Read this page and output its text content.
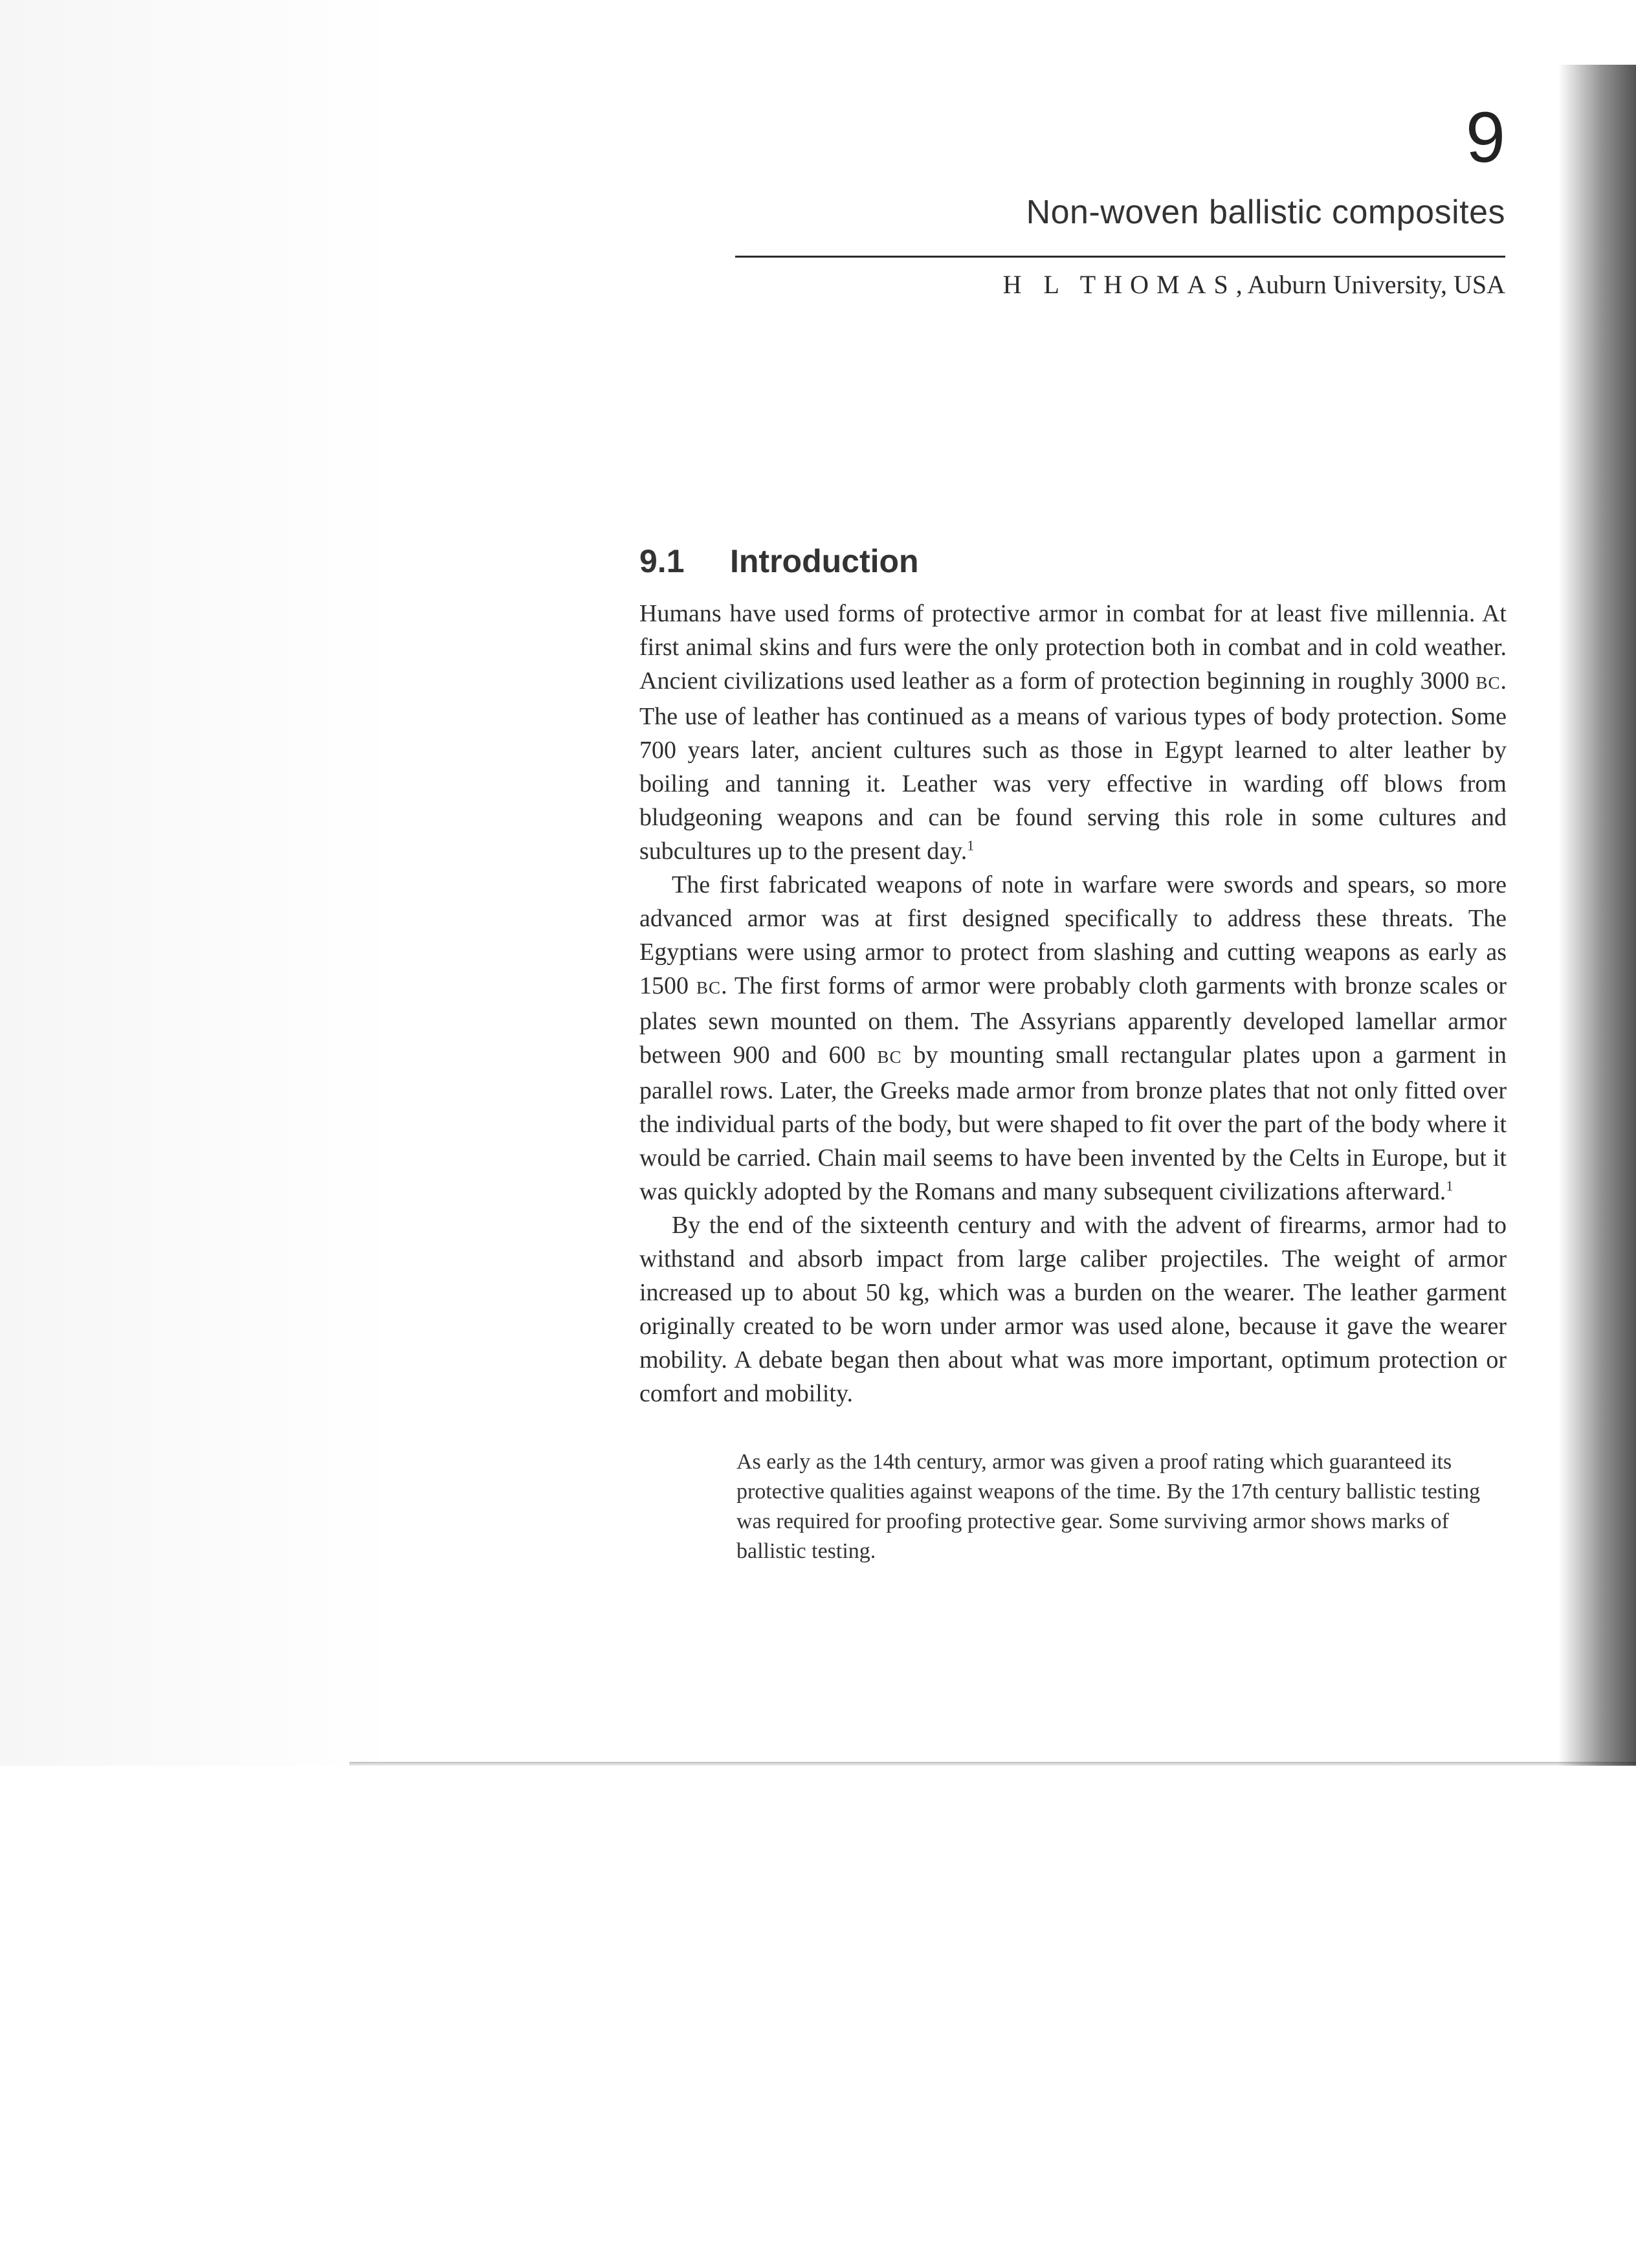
9
Non-woven ballistic composites
H L THOMAS, Auburn University, USA
9.1 Introduction

Humans have used forms of protective armor in combat for at least five millennia. At first animal skins and furs were the only protection both in combat and in cold weather. Ancient civilizations used leather as a form of protection beginning in roughly 3000 BC. The use of leather has continued as a means of various types of body protection. Some 700 years later, ancient cultures such as those in Egypt learned to alter leather by boiling and tanning it. Leather was very effective in warding off blows from bludgeoning weapons and can be found serving this role in some cultures and subcultures up to the present day.$^1$

The first fabricated weapons of note in warfare were swords and spears, so more advanced armor was at first designed specifically to address these threats. The Egyptians were using armor to protect from slashing and cutting weapons as early as 1500 BC. The first forms of armor were probably cloth garments with bronze scales or plates sewn mounted on them. The Assyrians apparently developed lamellar armor between 900 and 600 BC by mounting small rectangular plates upon a garment in parallel rows. Later, the Greeks made armor from bronze plates that not only fitted over the individual parts of the body, but were shaped to fit over the part of the body where it would be carried. Chain mail seems to have been invented by the Celts in Europe, but it was quickly adopted by the Romans and many subsequent civilizations afterward.$^1$

By the end of the sixteenth century and with the advent of firearms, armor had to withstand and absorb impact from large caliber projectiles. The weight of armor increased up to about 50 kg, which was a burden on the wearer. The leather garment originally created to be worn under armor was used alone, because it gave the wearer mobility. A debate began then about what was more important, optimum protection or comfort and mobility.

As early as the 14th century, armor was given a proof rating which guaranteed its protective qualities against weapons of the time. By the 17th century ballistic testing was required for proofing protective gear. Some surviving armor shows marks of ballistic testing.
